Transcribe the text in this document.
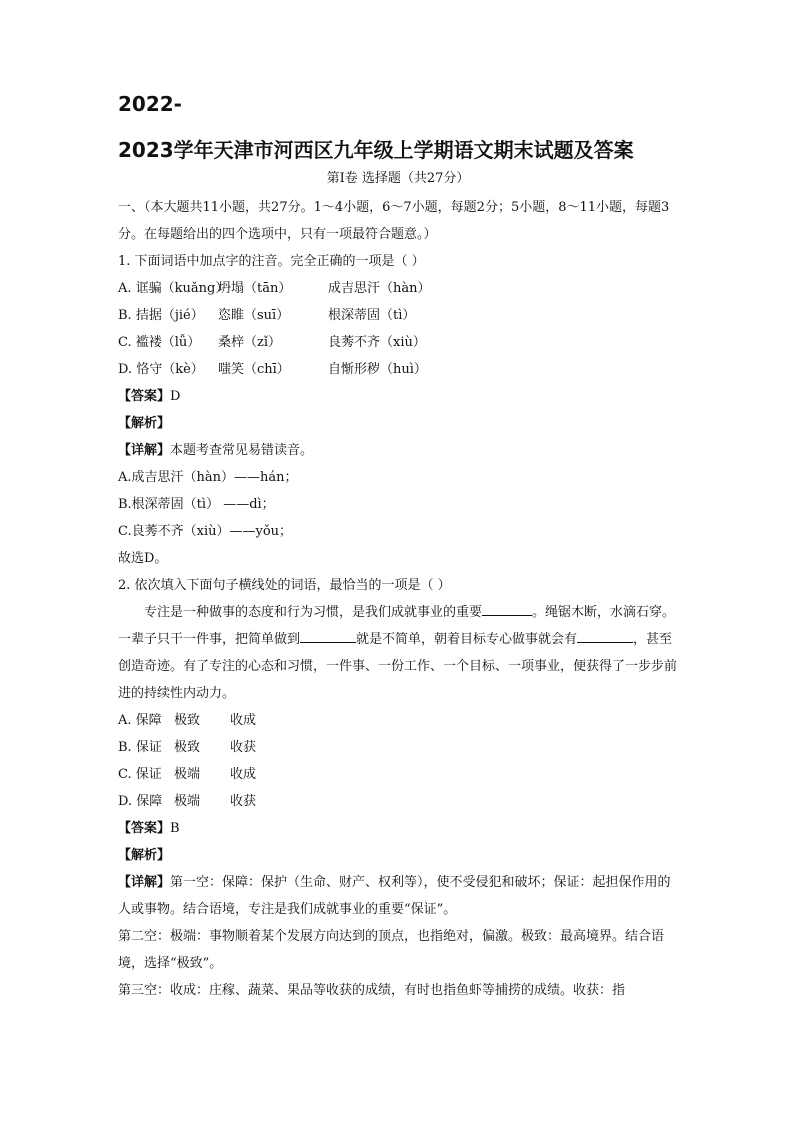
2022-
2023学年天津市河西区九年级上学期语文期末试题及答案
第Ⅰ卷 选择题（共27分）
一、（本大题共11小题，共27分。1～4小题，6～7小题，每题2分；5小题，8～11小题，每题3分。在每题给出的四个选项中，只有一项最符合题意。）
1. 下面词语中加点字的注音。完全正确的一项是（ ）
A. 诓骗（kuǎng）坍塌（tān）	成吉思汗（hàn）
B. 拮据（jié） 恣睢（suī）	根深蒂固（tì）
C. 褴褛（lǚ） 桑梓（zǐ）	良莠不齐（xiù）
D. 恪守（kè） 嗤笑（chī）	自惭形秽（huì）
【答案】D
【解析】
【详解】本题考查常见易错读音。
A.成吉思汗（hàn）——hán；
B.根深蒂固（tì） ——dì；
C.良莠不齐（xiù）——yǒu；
故选D。
2. 依次填入下面句子横线处的词语，最恰当的一项是（ ）
专注是一种做事的态度和行为习惯，是我们成就事业的重要	。绳锯木断，水滴石穿。一辈子只干一件事，把简单做到	就是不简单，朝着目标专心做事就会有	，甚至创造奇迹。有了专注的心态和习惯，一件事、一份工作、一个目标、一项事业，便获得了一步步前进的持续性内动力。
A. 保障 极致 收成
B. 保证 极致 收获
C. 保证 极端 收成
D. 保障 极端 收获
【答案】B
【解析】
【详解】第一空：保障：保护（生命、财产、权利等），使不受侵犯和破坏；保证：起担保作用的人或事物。结合语境，专注是我们成就事业的重要“保证”。
第二空：极端：事物顺着某个发展方向达到的顶点，也指绝对，偏激。极致：最高境界。结合语境，选择“极致”。
第三空：收成：庄稼、蔬菜、果品等收获的成绩，有时也指鱼虾等捕捞的成绩。收获：指
